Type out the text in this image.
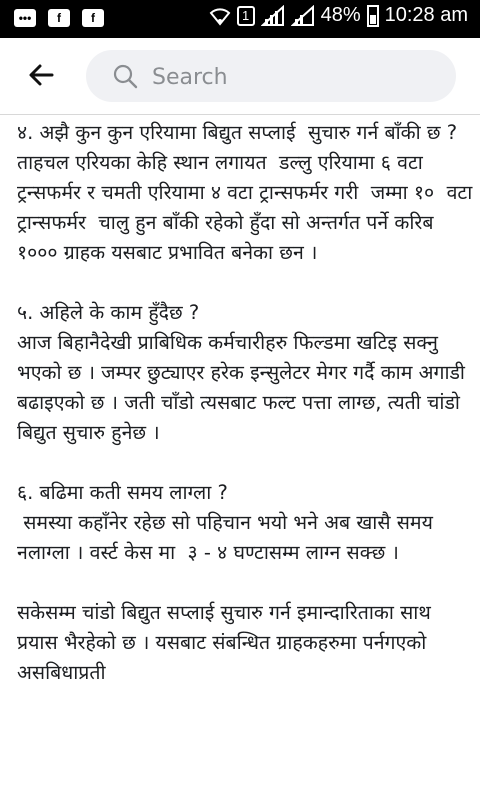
•••	f	f	1	48% 10:28 am
Search

४. अझै कुन कुन एरियामा बिद्युत सप्लाई  सुचारु गर्न बाँकी छ ?

ताहचल एरियका केहि स्थान लगायत  डल्लु एरियामा ६ वटा ट्रन्सफर्मर र चमती एरियामा ४ वटा ट्रान्सफर्मर गरी  जम्मा १०  वटा ट्रान्सफर्मर  चालु हुन बाँकी रहेको हुँदा सो अन्तर्गत पर्ने करिब १००० ग्राहक यसबाट प्रभावित बनेका छन ।

५. अहिले के काम हुँदैछ ?

आज बिहानैदेखी प्राबिधिक कर्मचारीहरु फिल्डमा खटिइ सक्नु भएको छ । जम्पर छुट्याएर हरेक इन्सुलेटर मेगर गर्दै काम अगाडी बढाइएको छ । जती चाँडो त्यसबाट फल्ट पत्ता लाग्छ, त्यती चांडो बिद्युत सुचारु हुनेछ ।

६. बढिमा कती समय लाग्ला ?

समस्या कहाँनेर रहेछ सो पहिचान भयो भने अब खासै समय नलाग्ला । वर्स्ट केस मा  ३ - ४ घण्टासम्म लाग्न सक्छ ।

सकेसम्म चांडो बिद्युत सप्लाई सुचारु गर्न इमान्दारिताका साथ प्रयास भैरहेको छ । यसबाट संबन्धित ग्राहकहरुमा पर्नगएको असबिधाप्रती
